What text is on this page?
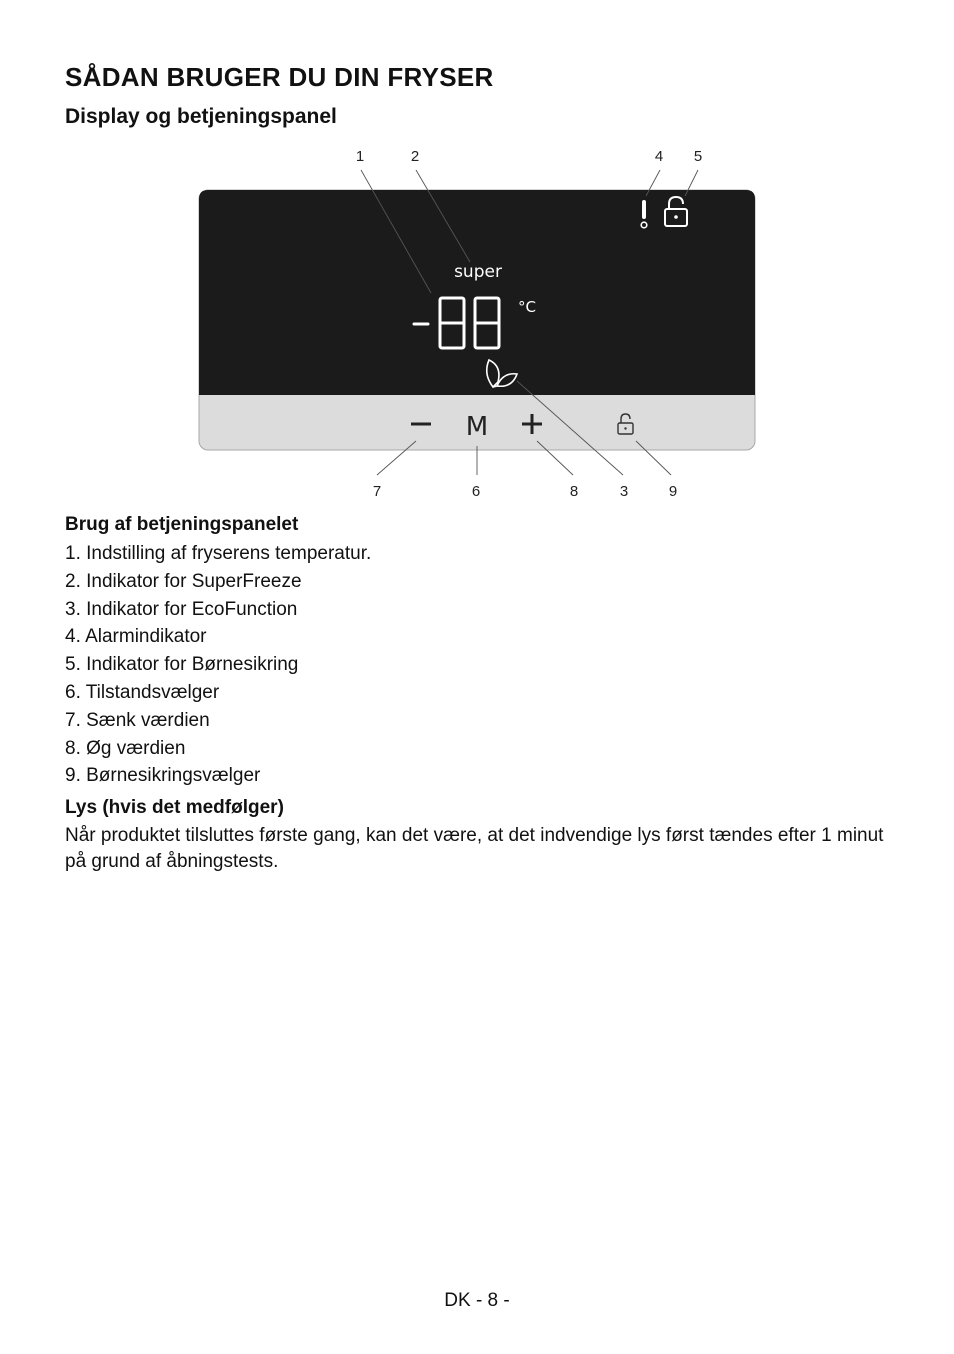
SÅDAN BRUGER DU DIN FRYSER
Display og betjeningspanel
super
°C
M
1	2	4 5
7	6	8	3	9
Brug af betjeningspanelet
1. Indstilling af fryserens temperatur.
2. Indikator for SuperFreeze
3. Indikator for EcoFunction
4. Alarmindikator
5. Indikator for Børnesikring
6. Tilstandsvælger
7. Sænk værdien
8. Øg værdien
9. Børnesikringsvælger
Lys (hvis det medfølger)

Når produktet tilsluttes første gang, kan det være, at det indvendige lys først tændes efter 1 minut på grund af åbningstests.

DK - 8 -
